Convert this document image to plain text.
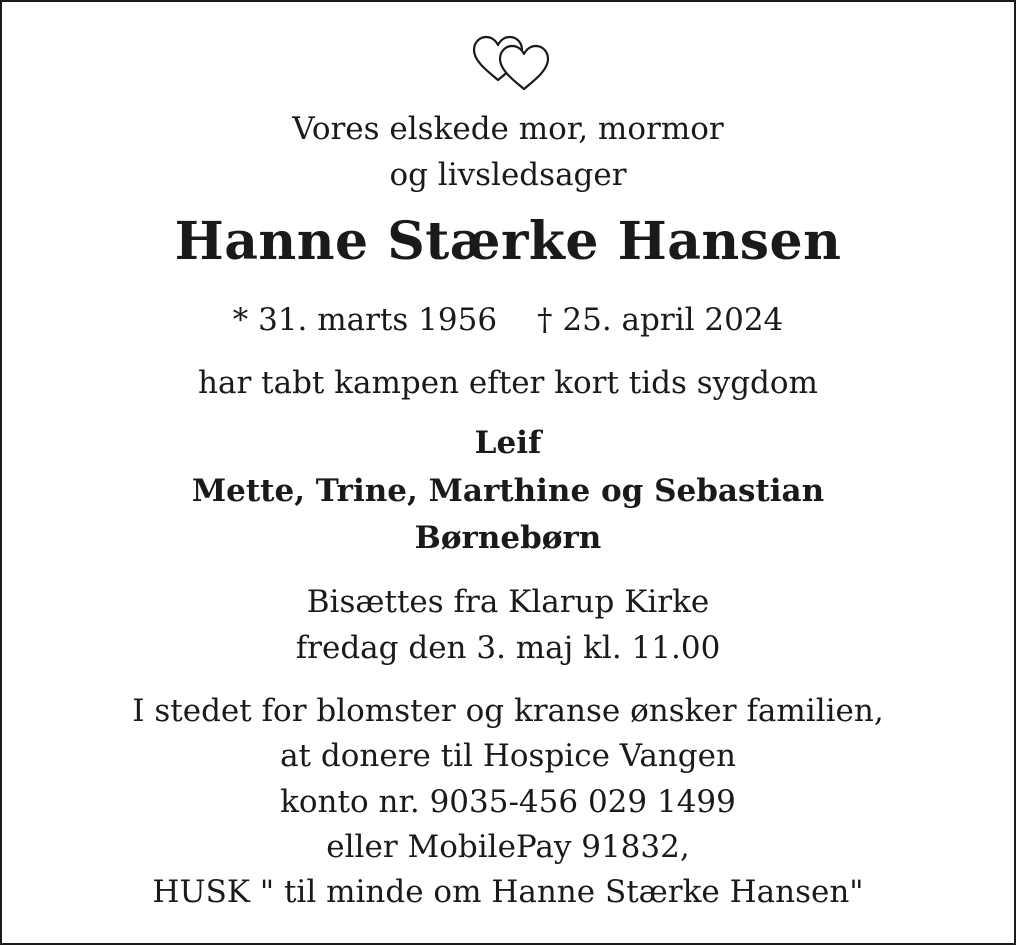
Vores elskede mor, mormor

og livsledsager

Hanne Stærke Hansen

* 31. marts 1956 † 25. april 2024

har tabt kampen efter kort tids sygdom

Leif

Mette, Trine, Marthine og Sebastian

Børnebørn

Bisættes fra Klarup Kirke

fredag den 3. maj kl. 11.00

I stedet for blomster og kranse ønsker familien,

at donere til Hospice Vangen

konto nr. 9035-456 029 1499

eller MobilePay 91832,

HUSK " til minde om Hanne Stærke Hansen"
